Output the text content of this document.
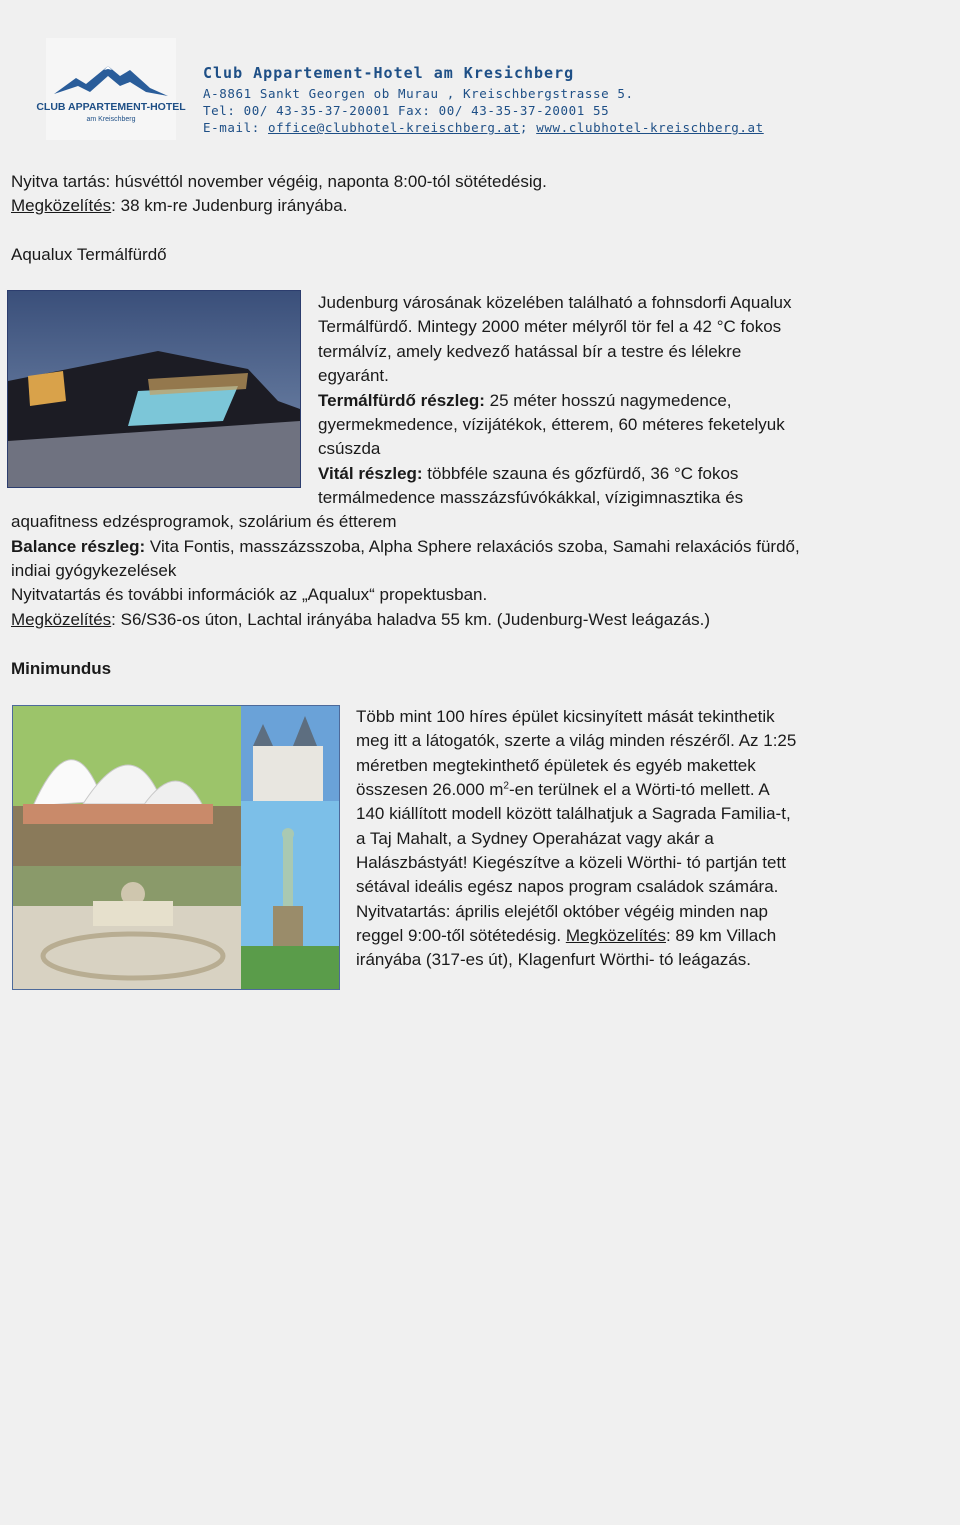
CLUB APPARTEMENT-HOTEL
am Kreischberg
Club Appartement-Hotel am Kresichberg
A-8861 Sankt Georgen ob Murau , Kreischbergstrasse 5.
Tel: 00/ 43-35-37-20001 Fax: 00/ 43-35-37-20001 55
E-mail: office@clubhotel-kreischberg.at; www.clubhotel-kreischberg.at
Nyitva tartás: húsvéttól november végéig, naponta 8:00-tól sötétedésig.
Megközelítés: 38 km-re Judenburg irányába.
Aqualux Termálfürdő
Judenburg városának közelében található a fohnsdorfi Aqualux
Termálfürdő. Mintegy 2000 méter mélyről tör fel a 42 °C fokos
termálvíz, amely kedvező hatással bír a testre és lélekre
egyaránt.
Termálfürdő részleg: 25 méter hosszú nagymedence,
gyermekmedence, vízijátékok, étterem, 60 méteres feketelyuk
csúszda
Vitál részleg: többféle szauna és gőzfürdő, 36 °C fokos
termálmedence masszázsfúvókákkal, vízigimnasztika és
aquafitness edzésprogramok, szolárium és étterem
Balance részleg: Vita Fontis, masszázsszoba, Alpha Sphere relaxációs szoba, Samahi relaxációs fürdő,
indiai gyógykezelések
Nyitvatartás és további információk az „Aqualux“ propektusban.
Megközelítés: S6/S36-os úton, Lachtal irányába haladva 55 km. (Judenburg-West leágazás.)
Minimundus
Több mint 100 híres épület kicsinyített mását tekinthetik
meg itt a látogatók, szerte a világ minden részéről. Az 1:25
méretben megtekinthető épületek és egyéb makettek
összesen 26.000 $m^2-en$ terülnek el a Wörti-tó mellett. A
140 kiállított modell között találhatjuk a Sagrada Familia-t,
a Taj Mahalt, a Sydney Operaházat vagy akár a
Halászbástyát! Kiegészítve a közeli Wörthi- tó partján tett
sétával ideális egész napos program családok számára.
Nyitvatartás: április elejétől október végéig minden nap
reggel 9:00-től sötétedésig. Megközelítés: 89 km Villach
irányába (317-es út), Klagenfurt Wörthi- tó leágazás.
